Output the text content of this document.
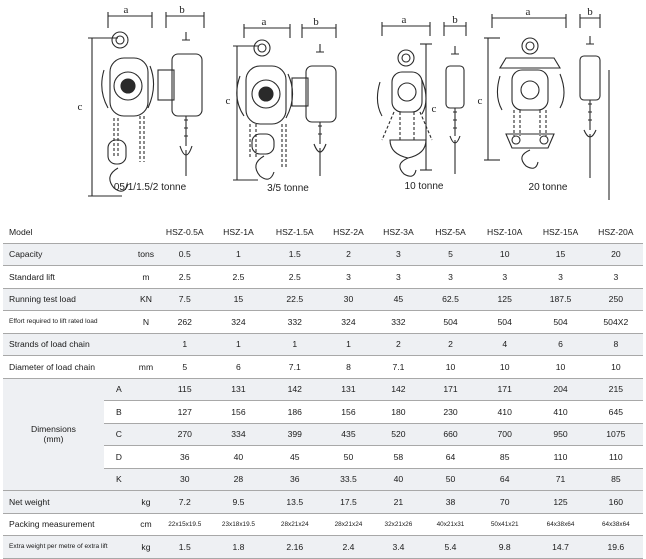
a	b
c
a	b
c
a	b
c
a	b
c
05/1/1.5/2 tonne	3/5 tonne	10 tonne	20 tonne
Model			HSZ-0.5A	HSZ-1A	HSZ-1.5A	HSZ-2A	HSZ-3A	HSZ-5A	HSZ-10A	HSZ-15A	HSZ-20A
Capacity		tons	0.5	1	1.5	2	3	5	10	15	20
Standard lift		m	2.5	2.5	2.5	3	3	3	3	3	3
Running test load		KN	7.5	15	22.5	30	45	62.5	125	187.5	250
Effort required to lift rated load		N	262	324	332	324	332	504	504	504	504X2
Strands of load chain			1	1	1	1	2	2	4	6	8
Diameter of load chain		mm	5	6	7.1	8	7.1	10	10	10	10
Dimensions
(mm)	A		115	131	142	131	142	171	171	204	215
	B		127	156	186	156	180	230	410	410	645
	C		270	334	399	435	520	660	700	950	1075
	D		36	40	45	50	58	64	85	110	110
	K		30	28	36	33.5	40	50	64	71	85
Net weight		kg	7.2	9.5	13.5	17.5	21	38	70	125	160
Packing measurement		cm	22x15x19.5	23x18x19.5	28x21x24	28x21x24	32x21x26	40x21x31	50x41x21	64x38x64	64x38x64
Extra weight per metre of extra lift		kg	1.5	1.8	2.16	2.4	3.4	5.4	9.8	14.7	19.6
